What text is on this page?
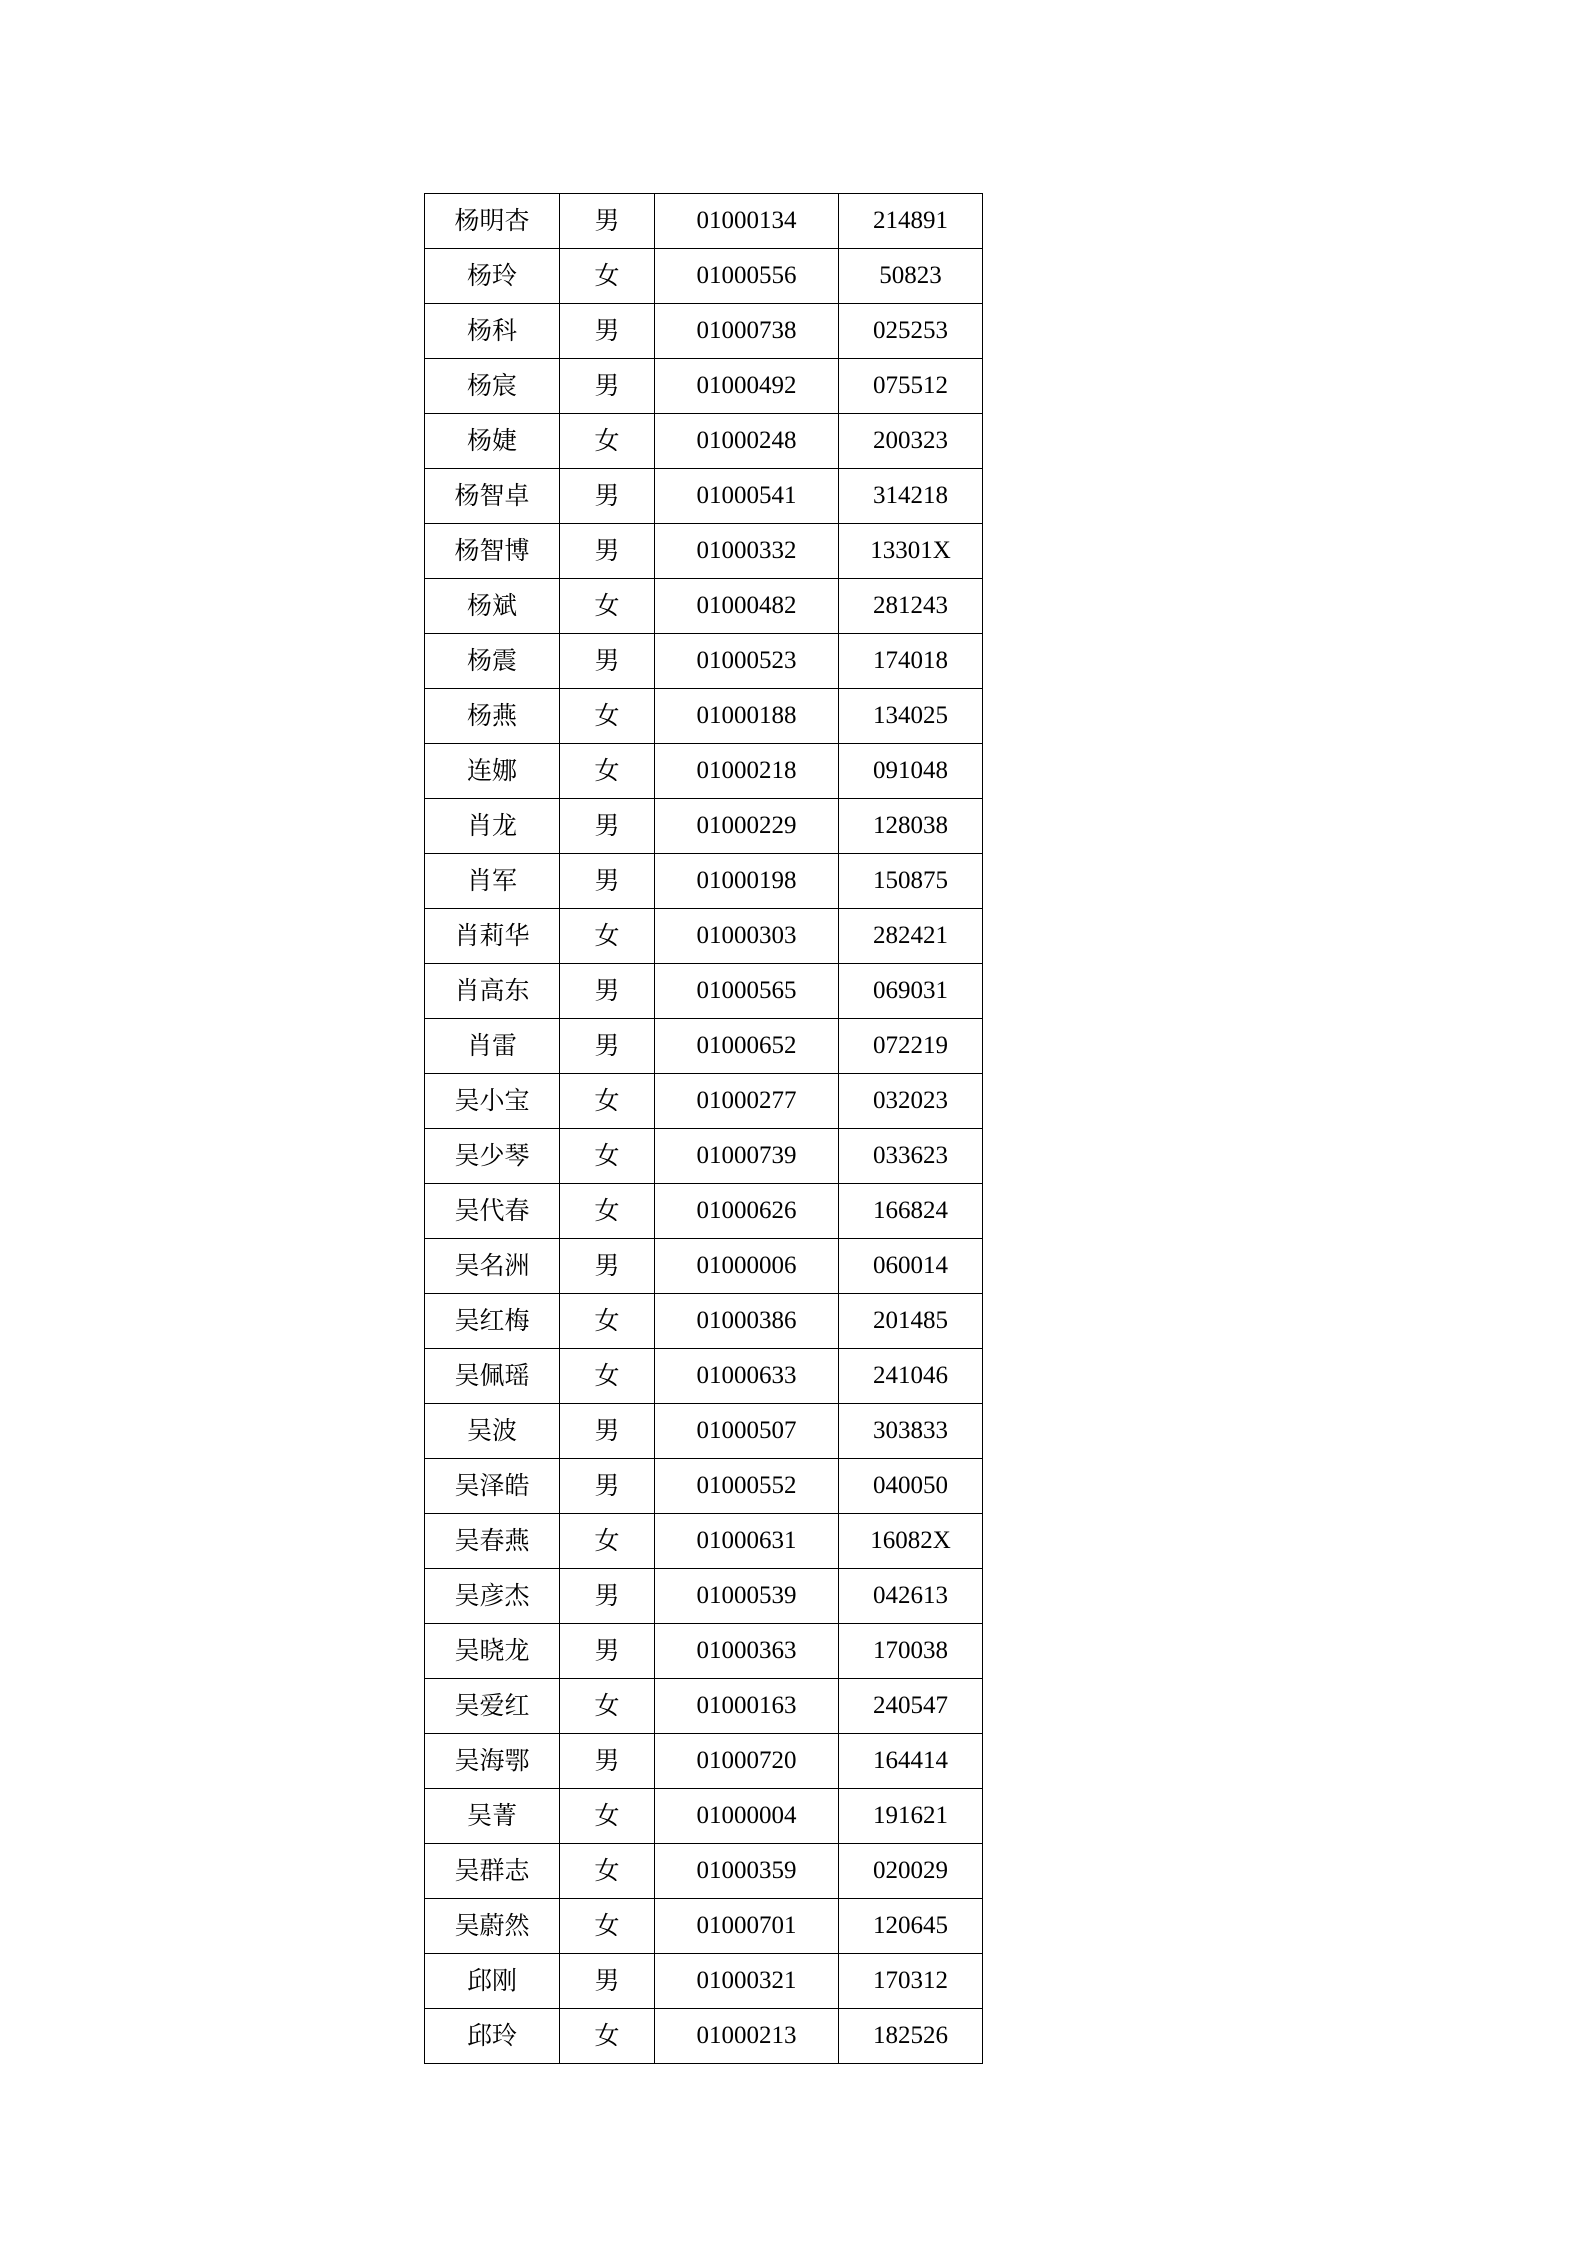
杨明杏	男	01000134	214891
杨玲	女	01000556	50823
杨科	男	01000738	025253
杨宸	男	01000492	075512
杨婕	女	01000248	200323
杨智卓	男	01000541	314218
杨智博	男	01000332	13301X
杨斌	女	01000482	281243
杨震	男	01000523	174018
杨燕	女	01000188	134025
连娜	女	01000218	091048
肖龙	男	01000229	128038
肖军	男	01000198	150875
肖莉华	女	01000303	282421
肖高东	男	01000565	069031
肖雷	男	01000652	072219
吴小宝	女	01000277	032023
吴少琴	女	01000739	033623
吴代春	女	01000626	166824
吴名洲	男	01000006	060014
吴红梅	女	01000386	201485
吴佩瑶	女	01000633	241046
吴波	男	01000507	303833
吴泽皓	男	01000552	040050
吴春燕	女	01000631	16082X
吴彦杰	男	01000539	042613
吴晓龙	男	01000363	170038
吴爱红	女	01000163	240547
吴海鄂	男	01000720	164414
吴菁	女	01000004	191621
吴群志	女	01000359	020029
吴蔚然	女	01000701	120645
邱刚	男	01000321	170312
邱玲	女	01000213	182526
